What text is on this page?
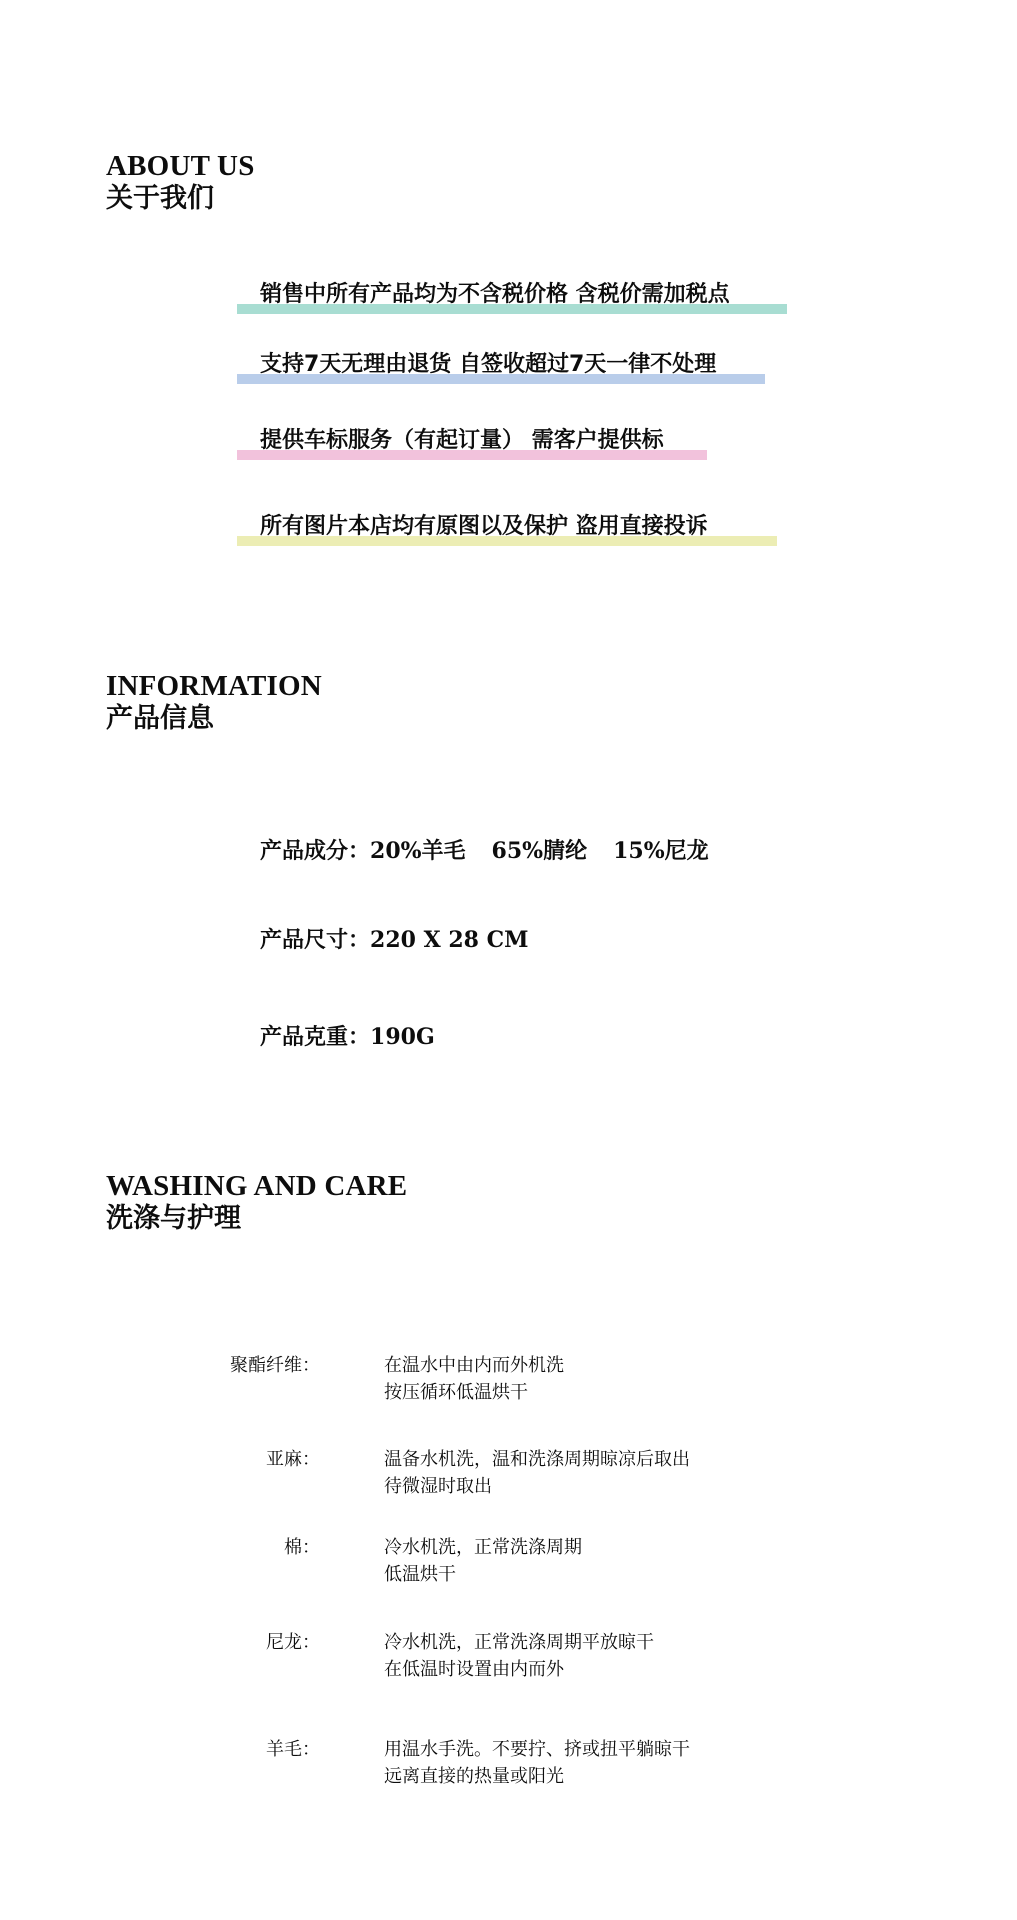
ABOUT US
关于我们
销售中所有产品均为不含税价格 含税价需加税点
支持7天无理由退货 自签收超过7天一律不处理
提供车标服务（有起订量） 需客户提供标
所有图片本店均有原图以及保护 盗用直接投诉
INFORMATION
产品信息
产品成分：20%羊毛 65%腈纶 15%尼龙
产品尺寸：220 X 28 CM
产品克重：190G
WASHING AND CARE
洗涤与护理
聚酯纤维：	在温水中由内而外机洗
按压循环低温烘干
亚麻：	温备水机洗，温和洗涤周期晾凉后取出
待微湿时取出
棉：	冷水机洗，正常洗涤周期
低温烘干
尼龙：	冷水机洗，正常洗涤周期平放晾干
在低温时设置由内而外
羊毛：	用温水手洗。不要拧、挤或扭平躺晾干
远离直接的热量或阳光
